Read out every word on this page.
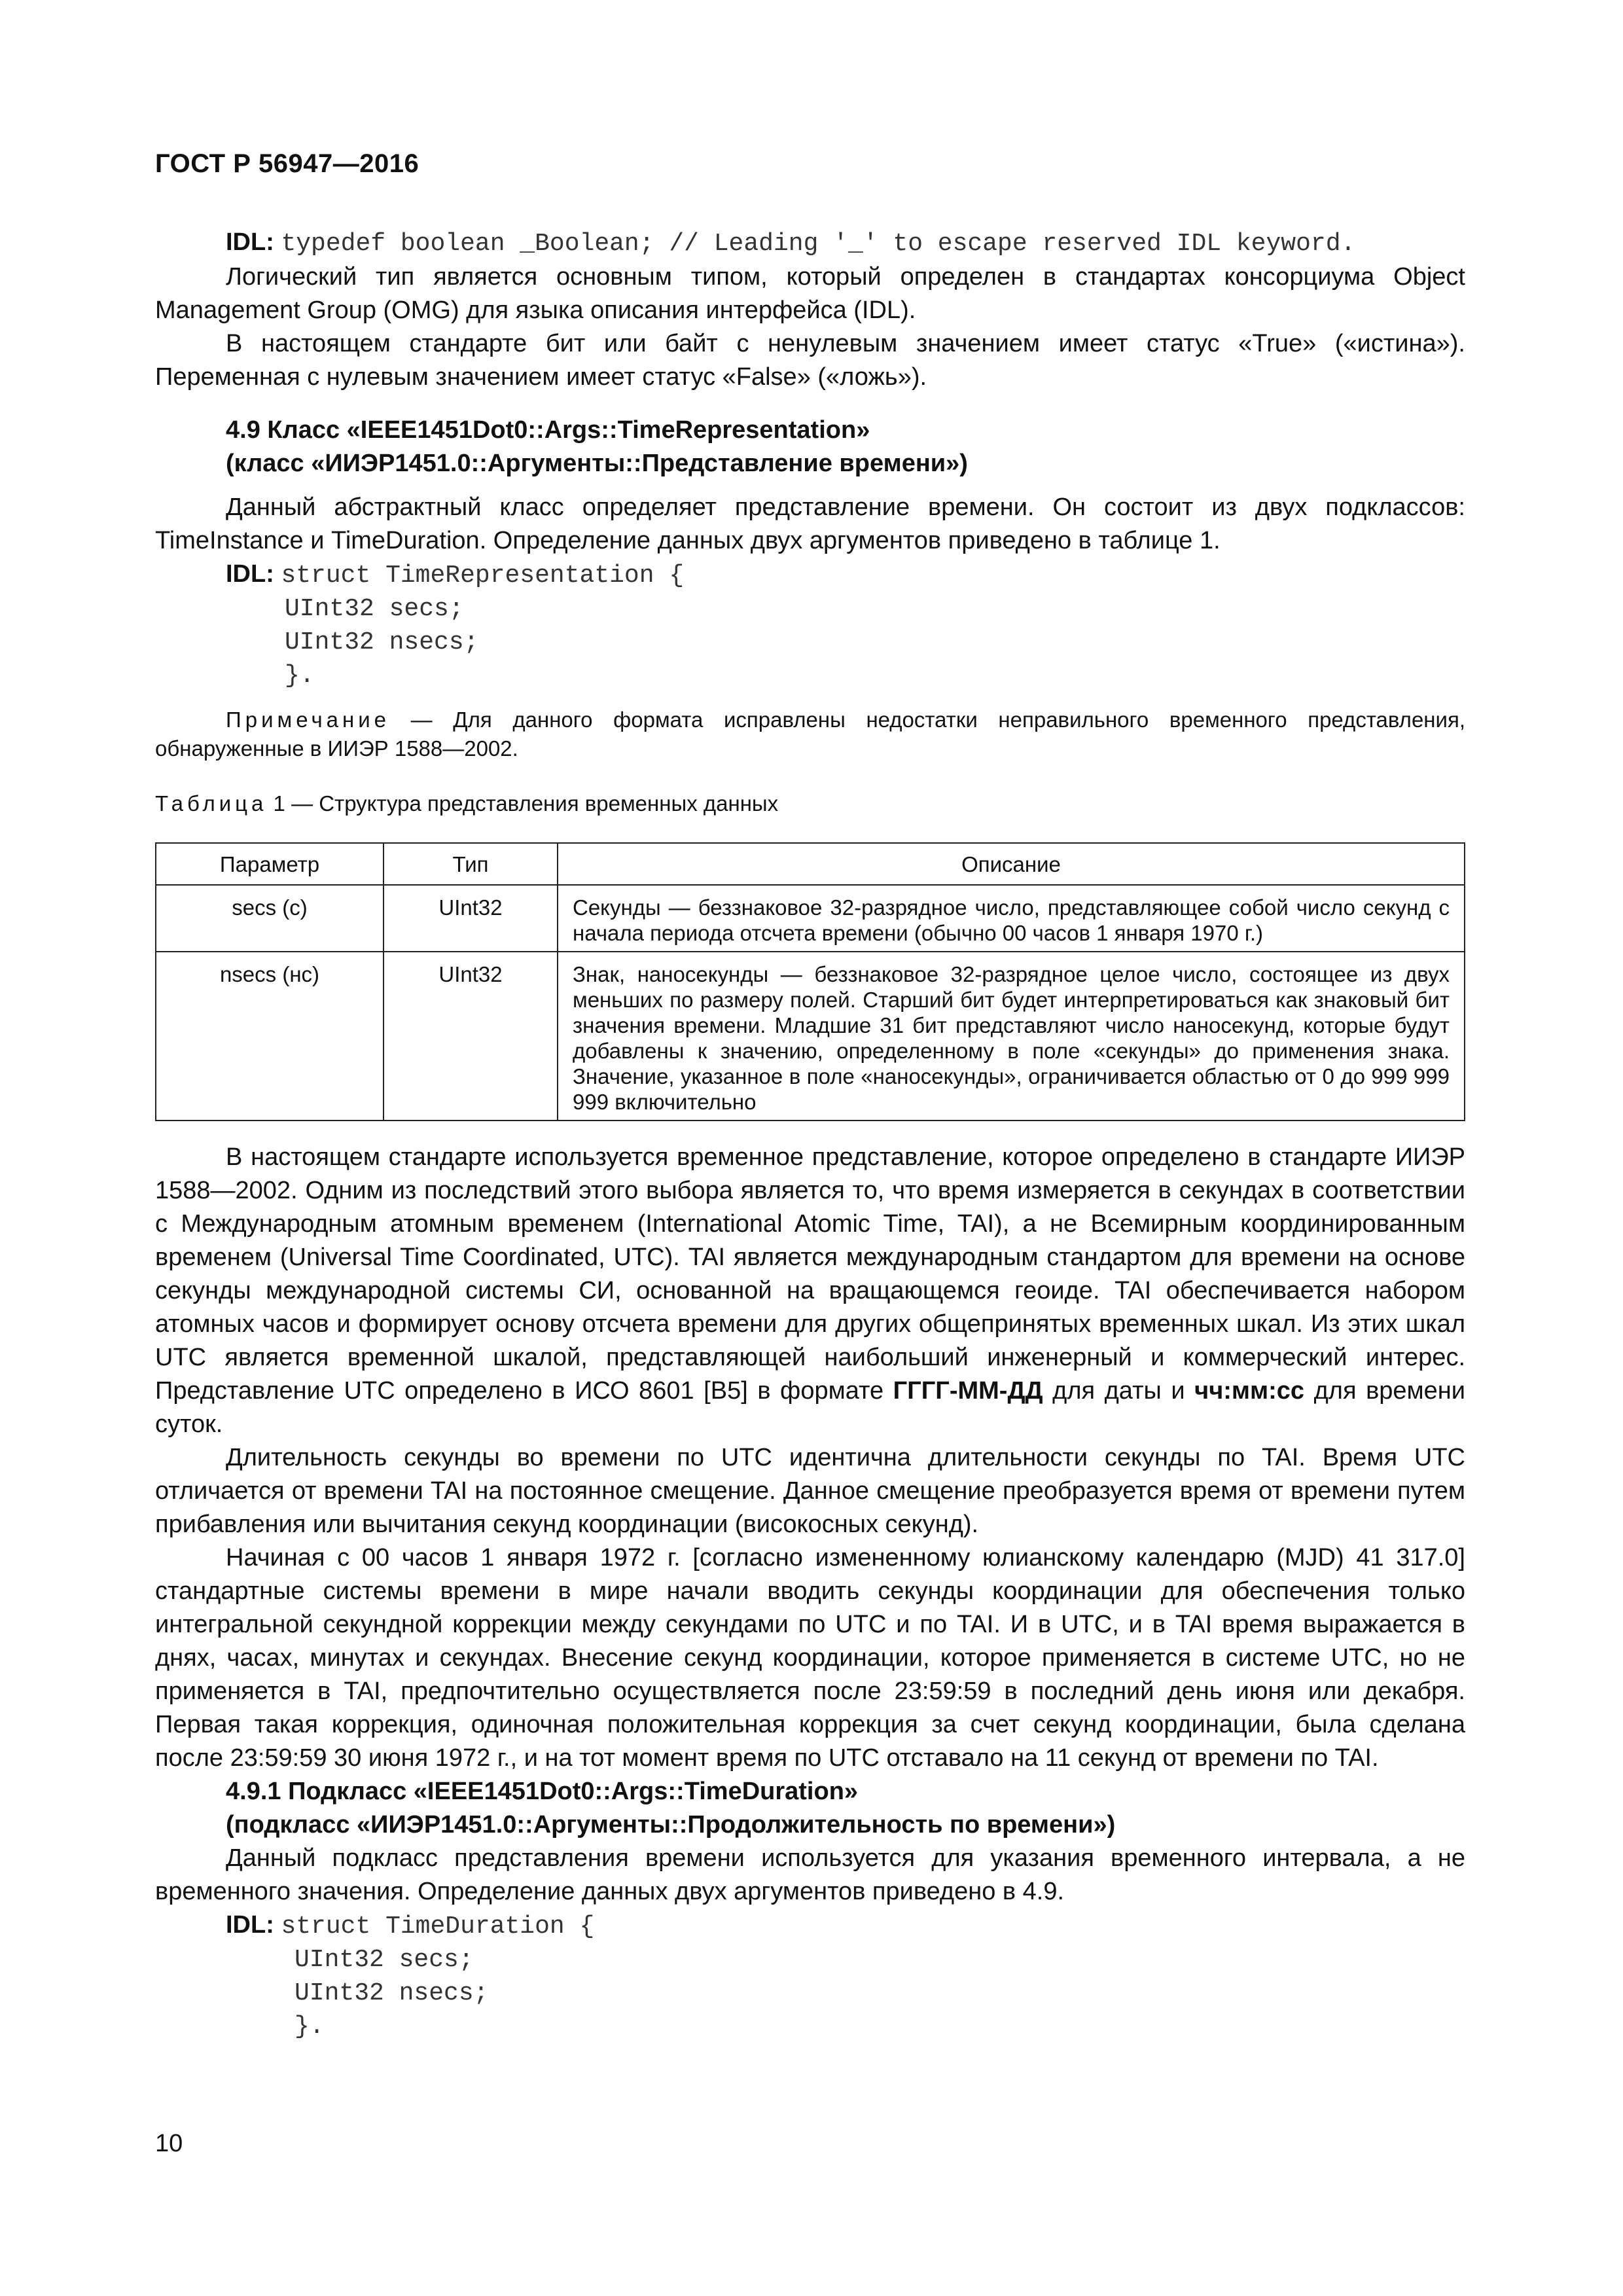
ГОСТ Р 56947—2016

IDL: typedef boolean _Boolean; // Leading '_' to escape reserved IDL keyword.

Логический тип является основным типом, который определен в стандартах консорциума Object Management Group (OMG) для языка описания интерфейса (IDL).

В настоящем стандарте бит или байт с ненулевым значением имеет статус «True» («истина»). Переменная с нулевым значением имеет статус «False» («ложь»).

4.9 Класс «IEEE1451Dot0::Args::TimeRepresentation»

(класс «ИИЭР1451.0::Аргументы::Представление времени»)

Данный абстрактный класс определяет представление времени. Он состоит из двух подклассов: TimeInstance и TimeDuration. Определение данных двух аргументов приведено в таблице 1.

IDL: struct TimeRepresentation {

UInt32 secs;

UInt32 nsecs;

}.

Примечание — Для данного формата исправлены недостатки неправильного временного представления, обнаруженные в ИИЭР 1588—2002.

Таблица 1 — Структура представления временных данных

Параметр	Тип	Описание
secs (c)	UInt32	Секунды — беззнаковое 32-разрядное число, представляющее собой число секунд с начала периода отсчета времени (обычно 00 часов 1 января 1970 г.)
nsecs (нс)	UInt32	Знак, наносекунды — беззнаковое 32-разрядное целое число, состоящее из двух меньших по размеру полей. Старший бит будет интерпретироваться как знаковый бит значения времени. Младшие 31 бит представляют число наносекунд, которые будут добавлены к значению, определенному в поле «секунды» до применения знака. Значение, указанное в поле «наносекунды», ограничивается областью от 0 до 999 999 999 включительно

В настоящем стандарте используется временное представление, которое определено в стандарте ИИЭР 1588—2002. Одним из последствий этого выбора является то, что время измеряется в секундах в соответствии с Международным атомным временем (International Atomic Time, TAI), а не Всемирным координированным временем (Universal Time Coordinated, UTC). TAI является международным стандартом для времени на основе секунды международной системы СИ, основанной на вращающемся геоиде. TAI обеспечивается набором атомных часов и формирует основу отсчета времени для других общепринятых временных шкал. Из этих шкал UTC является временной шкалой, представляющей наибольший инженерный и коммерческий интерес. Представление UTC определено в ИСО 8601 [B5] в формате ГГГГ-ММ-ДД для даты и чч:мм:сс для времени суток.

Длительность секунды во времени по UTC идентична длительности секунды по TAI. Время UTC отличается от времени TAI на постоянное смещение. Данное смещение преобразуется время от времени путем прибавления или вычитания секунд координации (високосных секунд).

Начиная с 00 часов 1 января 1972 г. [согласно измененному юлианскому календарю (MJD) 41 317.0] стандартные системы времени в мире начали вводить секунды координации для обеспечения только интегральной секундной коррекции между секундами по UTC и по TAI. И в UTC, и в TAI время выражается в днях, часах, минутах и секундах. Внесение секунд координации, которое применяется в системе UTC, но не применяется в TAI, предпочтительно осуществляется после 23:59:59 в последний день июня или декабря. Первая такая коррекция, одиночная положительная коррекция за счет секунд координации, была сделана после 23:59:59 30 июня 1972 г., и на тот момент время по UTC отставало на 11 секунд от времени по TAI.

4.9.1 Подкласс «IEEE1451Dot0::Args::TimeDuration»

(подкласс «ИИЭР1451.0::Аргументы::Продолжительность по времени»)

Данный подкласс представления времени используется для указания временного интервала, а не временного значения. Определение данных двух аргументов приведено в 4.9.

IDL: struct TimeDuration {

UInt32 secs;

UInt32 nsecs;

}.

10
